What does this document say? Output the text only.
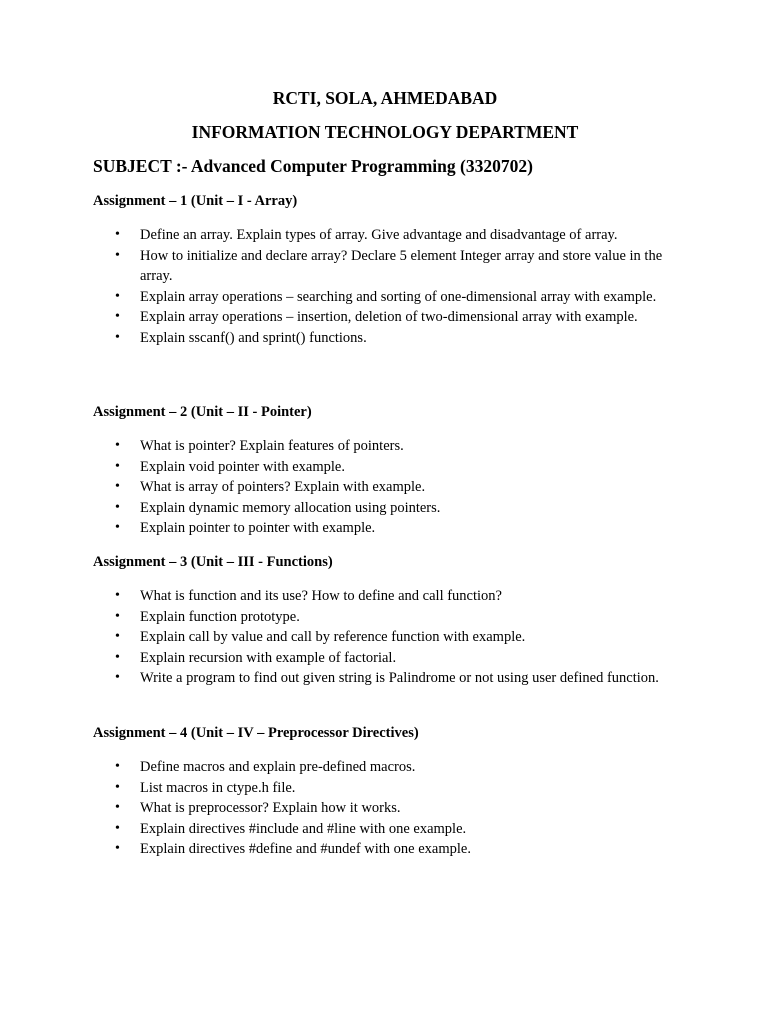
RCTI, SOLA, AHMEDABAD
INFORMATION TECHNOLOGY DEPARTMENT
SUBJECT :- Advanced Computer Programming (3320702)
Assignment – 1 (Unit – I - Array)
• Define an array. Explain types of array. Give advantage and disadvantage of array.
• How to initialize and declare array? Declare 5 element Integer array and store value in the array.
• Explain array operations – searching and sorting of one-dimensional array with example.
• Explain array operations – insertion, deletion of two-dimensional array with example.
• Explain sscanf() and sprint() functions.
Assignment – 2 (Unit – II - Pointer)
• What is pointer? Explain features of pointers.
• Explain void pointer with example.
• What is array of pointers? Explain with example.
• Explain dynamic memory allocation using pointers.
• Explain pointer to pointer with example.
Assignment – 3 (Unit – III - Functions)
• What is function and its use? How to define and call function?
• Explain function prototype.
• Explain call by value and call by reference function with example.
• Explain recursion with example of factorial.
• Write a program to find out given string is Palindrome or not using user defined function.
Assignment – 4 (Unit – IV – Preprocessor Directives)
• Define macros and explain pre-defined macros.
• List macros in ctype.h file.
• What is preprocessor? Explain how it works.
• Explain directives #include and #line with one example.
• Explain directives #define and #undef with one example.
